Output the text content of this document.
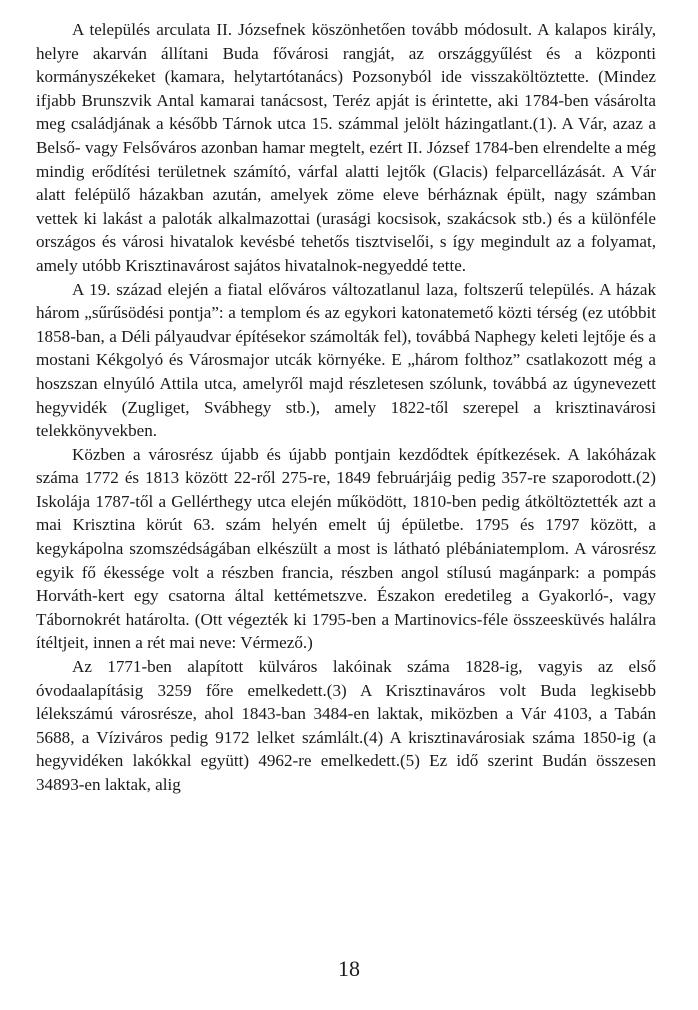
A település arculata II. Józsefnek köszönhetően tovább módosult. A kalapos király, helyre akarván állítani Buda fővárosi rangját, az országgyűlést és a központi kormányszékeket (kamara, helytartótanács) Pozsonyból ide visszaköltöztette. (Mindez ifjabb Brunszvik Antal kamarai tanácsost, Teréz apját is érintette, aki 1784-ben vásárolta meg családjának a később Tárnok utca 15. számmal jelölt házingatlant.(1). A Vár, azaz a Belső- vagy Felsőváros azonban hamar megtelt, ezért II. József 1784-ben elrendelte a még mindig erődítési területnek számító, várfal alatti lejtők (Glacis) felparcellázását. A Vár alatt felépülő házakban azután, amelyek zöme eleve bérháznak épült, nagy számban vettek ki lakást a paloták alkalmazottai (urasági kocsisok, szakácsok stb.) és a különféle országos és városi hivatalok kevésbé tehetős tisztviselői, s így megindult az a folyamat, amely utóbb Krisztinavárost sajátos hivatalnok-negyeddé tette.

A 19. század elején a fiatal előváros változatlanul laza, foltszerű település. A házak három „sűrűsödési pontja”: a templom és az egykori katonatemető közti térség (ez utóbbit 1858-ban, a Déli pályaudvar építésekor számolták fel), továbbá Naphegy keleti lejtője és a mostani Kékgolyó és Városmajor utcák környéke. E „három folthoz” csatlakozott még a hoszszan elnyúló Attila utca, amelyről majd részletesen szólunk, továbbá az úgynevezett hegyvidék (Zugliget, Svábhegy stb.), amely 1822-től szerepel a krisztinavárosi telekkönyvekben.

Közben a városrész újabb és újabb pontjain kezdődtek építkezések. A lakóházak száma 1772 és 1813 között 22-ről 275-re, 1849 februárjáig pedig 357-re szaporodott.(2) Iskolája 1787-től a Gellérthegy utca elején működött, 1810-ben pedig átköltöztették azt a mai Krisztina körút 63. szám helyén emelt új épületbe. 1795 és 1797 között, a kegykápolna szomszédságában elkészült a most is látható plébániatemplom. A városrész egyik fő ékessége volt a részben francia, részben angol stílusú magánpark: a pompás Horváth-kert egy csatorna által kettémetszve. Északon eredetileg a Gyakorló-, vagy Tábornokrét határolta. (Ott végezték ki 1795-ben a Martinovics-féle összeesküvés halálra ítéltjeit, innen a rét mai neve: Vérmező.)

Az 1771-ben alapított külváros lakóinak száma 1828-ig, vagyis az első óvodaalapításig 3259 főre emelkedett.(3) A Krisztinaváros volt Buda legkisebb lélekszámú városrésze, ahol 1843-ban 3484-en laktak, miközben a Vár 4103, a Tabán 5688, a Víziváros pedig 9172 lelket számlált.(4) A krisztinavárosiak száma 1850-ig (a hegyvidéken lakókkal együtt) 4962-re emelkedett.(5) Ez idő szerint Budán összesen 34893-en laktak, alig

18
